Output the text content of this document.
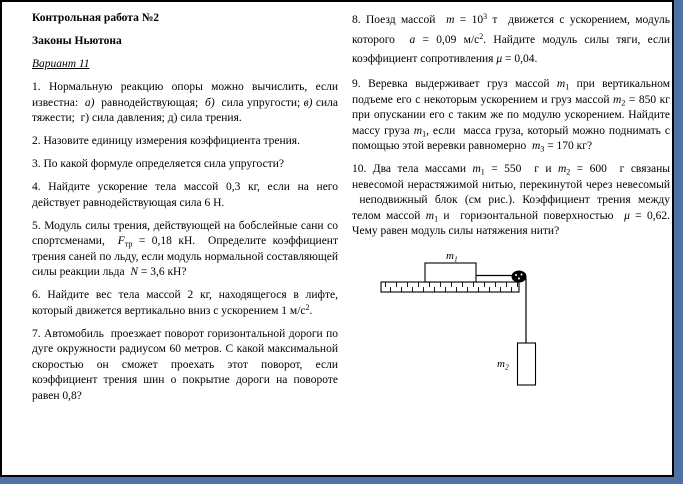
Контрольная работа №2

Законы Ньютона

Вариант 11

1. Нормальную реакцию опоры можно вычислить, если известна:  а)  равнодействующая;  б)  сила упругости; в) сила тяжести;  г) сила давления; д) сила трения.

2. Назовите единицу измерения коэффициента трения.

3. По какой формуле определяется сила упругости?

4. Найдите ускорение тела массой 0,3 кг, если на него действует равнодействующая сила 6 Н.

5. Модуль силы трения, действующей на бобслейные сани со спортсменами,  $F_{тр} = 0,18$ кН.  Определите коэффициент трения саней по льду, если модуль нормальной составляющей силы реакции льда  N = 3,6 кН?

6. Найдите вес тела массой 2 кг, находящегося в лифте, который движется вертикально вниз с ускорением 1 $м/с^2$.

7. Автомобиль  проезжает поворот горизонтальной дороги по дуге окружности радиусом 60 метров. С какой максимальной скоростью он сможет проехать этот поворот, если коэффициент трения шин о покрытие дороги на повороте равен 0,8?

8. Поезд массой  $m = 10^3$ т  движется с ускорением, модуль которого  a = 0,09 $м/с^2$. Найдите модуль силы тяги, если коэффициент сопротивления μ = 0,04.

9. Веревка выдерживает груз массой $m_1$ при вертикальном подъеме его с некоторым ускорением и груз массой $m_2 = 850$ кг при опускании его с таким же по модулю ускорением. Найдите массу груза $m_1$, если  масса груза, который можно поднимать с помощью этой веревки равномерно  $m_3 = 170$ кг?

10. Два тела массами $m_1 = 550$  г и $m_2 = 600$  г связаны невесомой нерастяжимой нитью, перекинутой через невесомый  неподвижный блок (см рис.). Коэффициент трения между телом массой $m_1$ и  горизонтальной поверхностью  μ = 0,62. Чему равен модуль силы натяжения нити?

$m_1$
$m_2$
